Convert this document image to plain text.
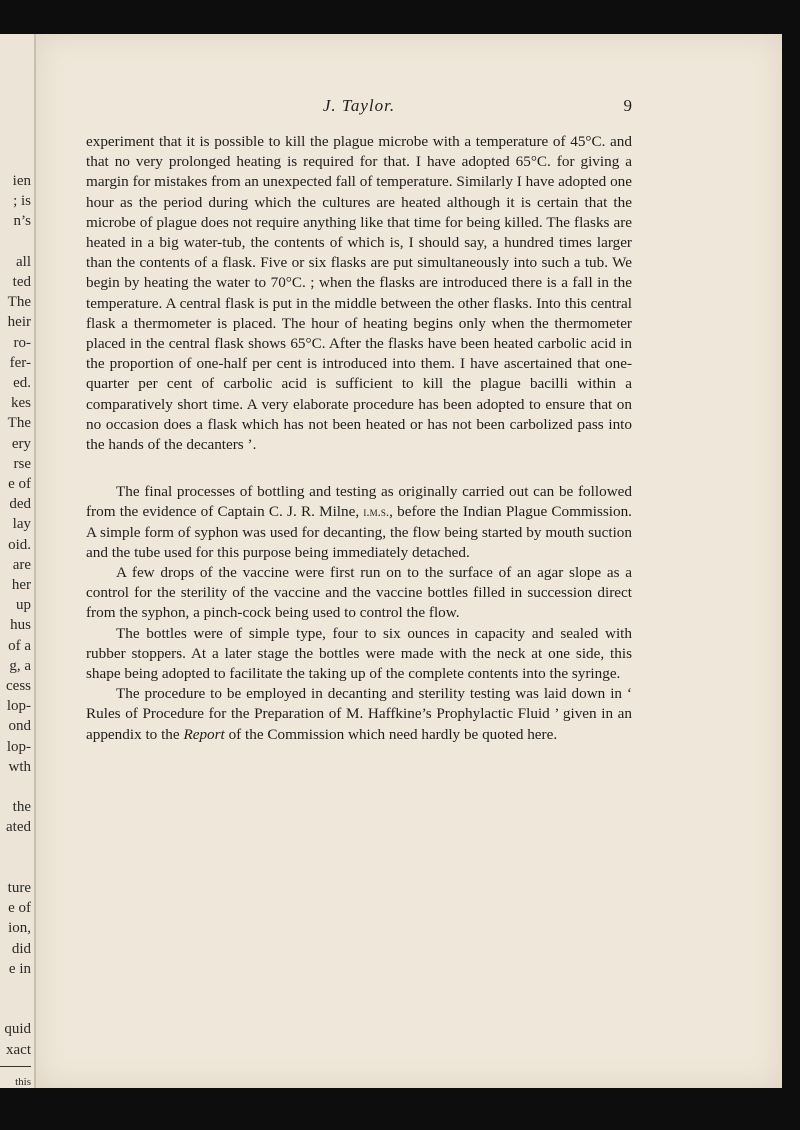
ien
; is
n’s
all
ted
The
heir
ro-
fer-
ed.
kes
The
ery
rse
e of
ded
lay
oid.
are
her
up
hus
of a
g, a
cess
lop-
ond
lop-
wth
the
ated
ture
e of
ion,
did
e in
quid
xact
this
J. Taylor.	9

experiment that it is possible to kill the plague microbe with a temperature of 45°C. and that no very prolonged heating is required for that. I have adopted 65°C. for giving a margin for mistakes from an unexpected fall of temperature. Similarly I have adopted one hour as the period during which the cultures are heated although it is certain that the microbe of plague does not require anything like that time for being killed. The flasks are heated in a big water-tub, the contents of which is, I should say, a hundred times larger than the contents of a flask. Five or six flasks are put simultaneously into such a tub. We begin by heating the water to 70°C. ; when the flasks are introduced there is a fall in the temperature. A central flask is put in the middle between the other flasks. Into this central flask a thermometer is placed. The hour of heating begins only when the thermometer placed in the central flask shows 65°C. After the flasks have been heated carbolic acid in the proportion of one-half per cent is introduced into them. I have ascertained that one-quarter per cent of carbolic acid is sufficient to kill the plague bacilli within a comparatively short time. A very elaborate procedure has been adopted to ensure that on no occasion does a flask which has not been heated or has not been carbolized pass into the hands of the decanters ’.

The final processes of bottling and testing as originally carried out can be followed from the evidence of Captain C. J. R. Milne, i.m.s., before the Indian Plague Commission. A simple form of syphon was used for decanting, the flow being started by mouth suction and the tube used for this purpose being immediately detached.

A few drops of the vaccine were first run on to the surface of an agar slope as a control for the sterility of the vaccine and the vaccine bottles filled in succession direct from the syphon, a pinch-cock being used to control the flow.

The bottles were of simple type, four to six ounces in capacity and sealed with rubber stoppers. At a later stage the bottles were made with the neck at one side, this shape being adopted to facilitate the taking up of the complete contents into the syringe.

The procedure to be employed in decanting and sterility testing was laid down in ‘ Rules of Procedure for the Preparation of M. Haffkine’s Prophylactic Fluid ’ given in an appendix to the Report of the Commission which need hardly be quoted here.
